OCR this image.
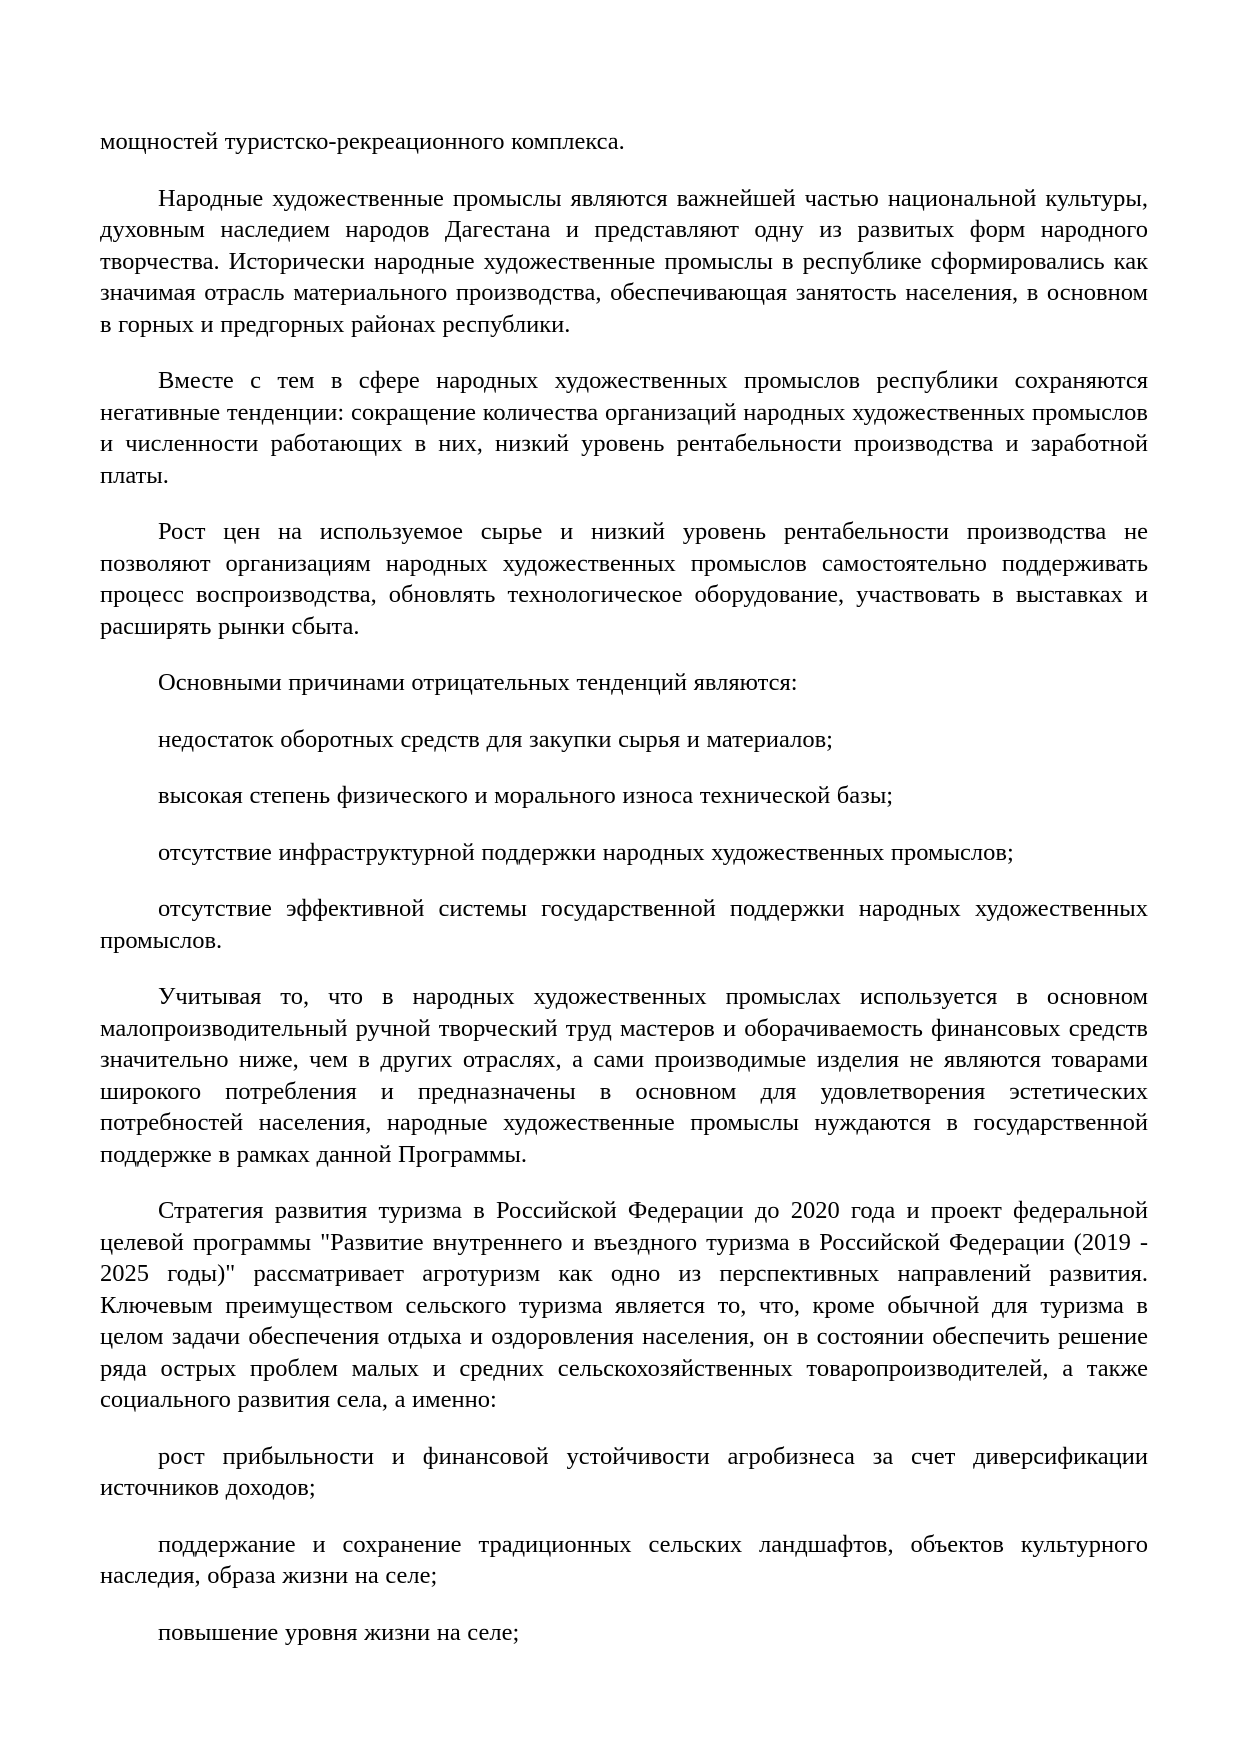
мощностей туристско-рекреационного комплекса.

Народные художественные промыслы являются важнейшей частью национальной культуры, духовным наследием народов Дагестана и представляют одну из развитых форм народного творчества. Исторически народные художественные промыслы в республике сформировались как значимая отрасль материального производства, обеспечивающая занятость населения, в основном в горных и предгорных районах республики.

Вместе с тем в сфере народных художественных промыслов республики сохраняются негативные тенденции: сокращение количества организаций народных художественных промыслов и численности работающих в них, низкий уровень рентабельности производства и заработной платы.

Рост цен на используемое сырье и низкий уровень рентабельности производства не позволяют организациям народных художественных промыслов самостоятельно поддерживать процесс воспроизводства, обновлять технологическое оборудование, участвовать в выставках и расширять рынки сбыта.

Основными причинами отрицательных тенденций являются:

недостаток оборотных средств для закупки сырья и материалов;

высокая степень физического и морального износа технической базы;

отсутствие инфраструктурной поддержки народных художественных промыслов;

отсутствие эффективной системы государственной поддержки народных художественных промыслов.

Учитывая то, что в народных художественных промыслах используется в основном малопроизводительный ручной творческий труд мастеров и оборачиваемость финансовых средств значительно ниже, чем в других отраслях, а сами производимые изделия не являются товарами широкого потребления и предназначены в основном для удовлетворения эстетических потребностей населения, народные художественные промыслы нуждаются в государственной поддержке в рамках данной Программы.

Стратегия развития туризма в Российской Федерации до 2020 года и проект федеральной целевой программы "Развитие внутреннего и въездного туризма в Российской Федерации (2019 - 2025 годы)" рассматривает агротуризм как одно из перспективных направлений развития. Ключевым преимуществом сельского туризма является то, что, кроме обычной для туризма в целом задачи обеспечения отдыха и оздоровления населения, он в состоянии обеспечить решение ряда острых проблем малых и средних сельскохозяйственных товаропроизводителей, а также социального развития села, а именно:

рост прибыльности и финансовой устойчивости агробизнеса за счет диверсификации источников доходов;

поддержание и сохранение традиционных сельских ландшафтов, объектов культурного наследия, образа жизни на селе;

повышение уровня жизни на селе;
